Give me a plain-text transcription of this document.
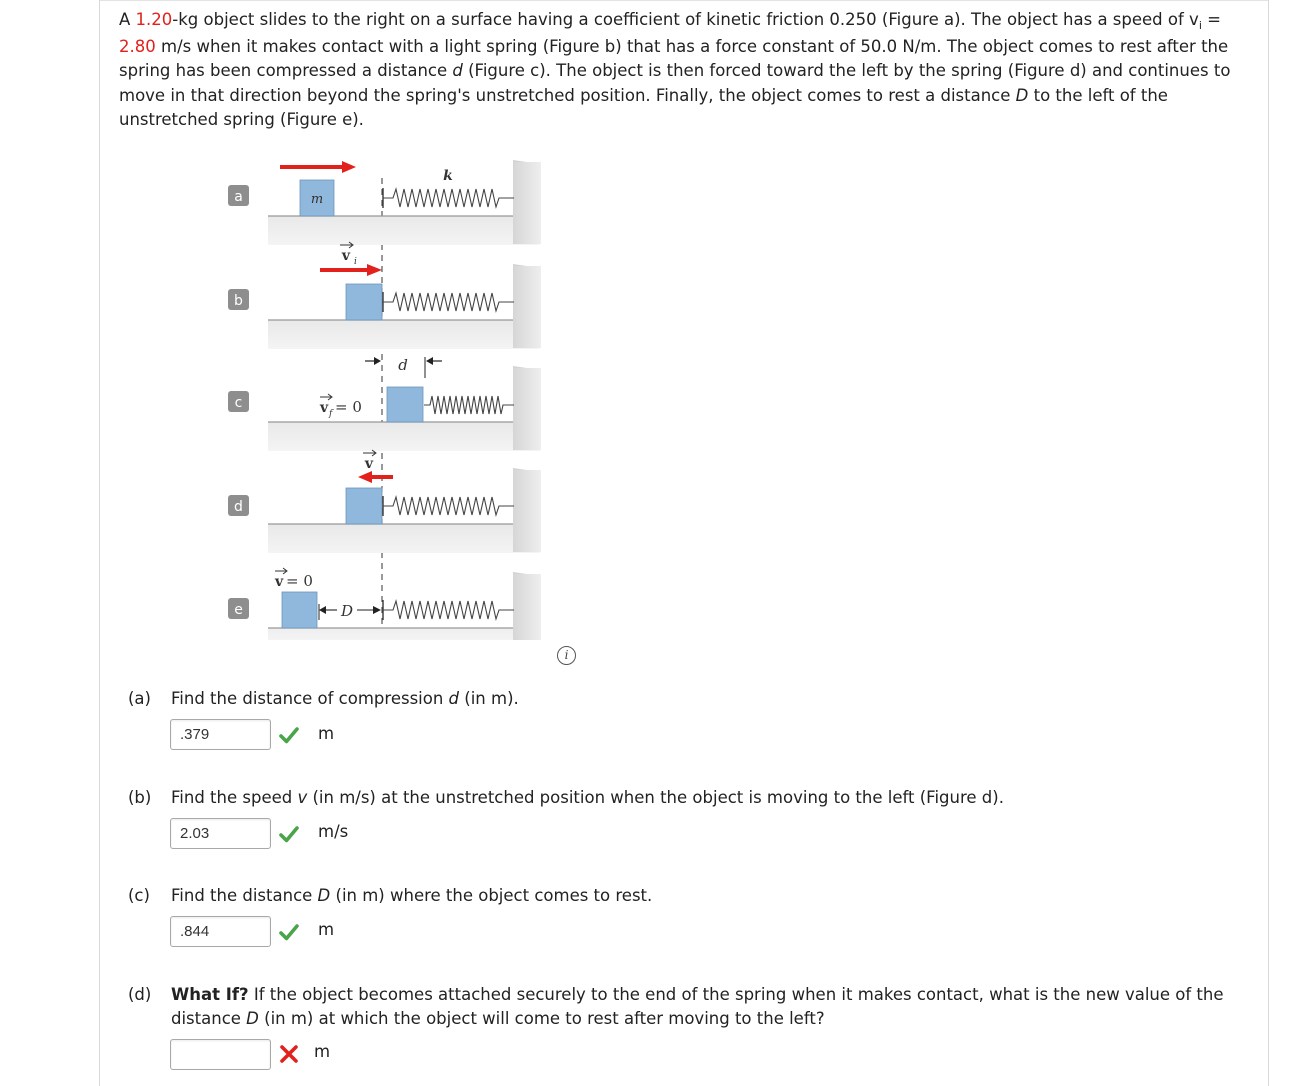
A 1.20-kg object slides to the right on a surface having a coefficient of kinetic friction 0.250 (Figure a). The object has a speed of $v_i = 2.80$ m/s when it makes contact with a light spring (Figure b) that has a force constant of 50.0 N/m. The object comes to rest after the spring has been compressed a distance d (Figure c). The object is then forced toward the left by the spring (Figure d) and continues to move in that direction beyond the spring's unstretched position. Finally, the object comes to rest a distance D to the left of the unstretched spring (Figure e).
a	m
k
b
v i
c	v f = 0
d
d
v
e
v = 0
D
i
(a) Find the distance of compression d (in m).
.379	m
(b) Find the speed v (in m/s) at the unstretched position when the object is moving to the left (Figure d).
2.03	m/s
(c) Find the distance D (in m) where the object comes to rest.
.844	m
(d) What If? If the object becomes attached securely to the end of the spring when it makes contact, what is the new value of the distance D (in m) at which the object will come to rest after moving to the left?
m
